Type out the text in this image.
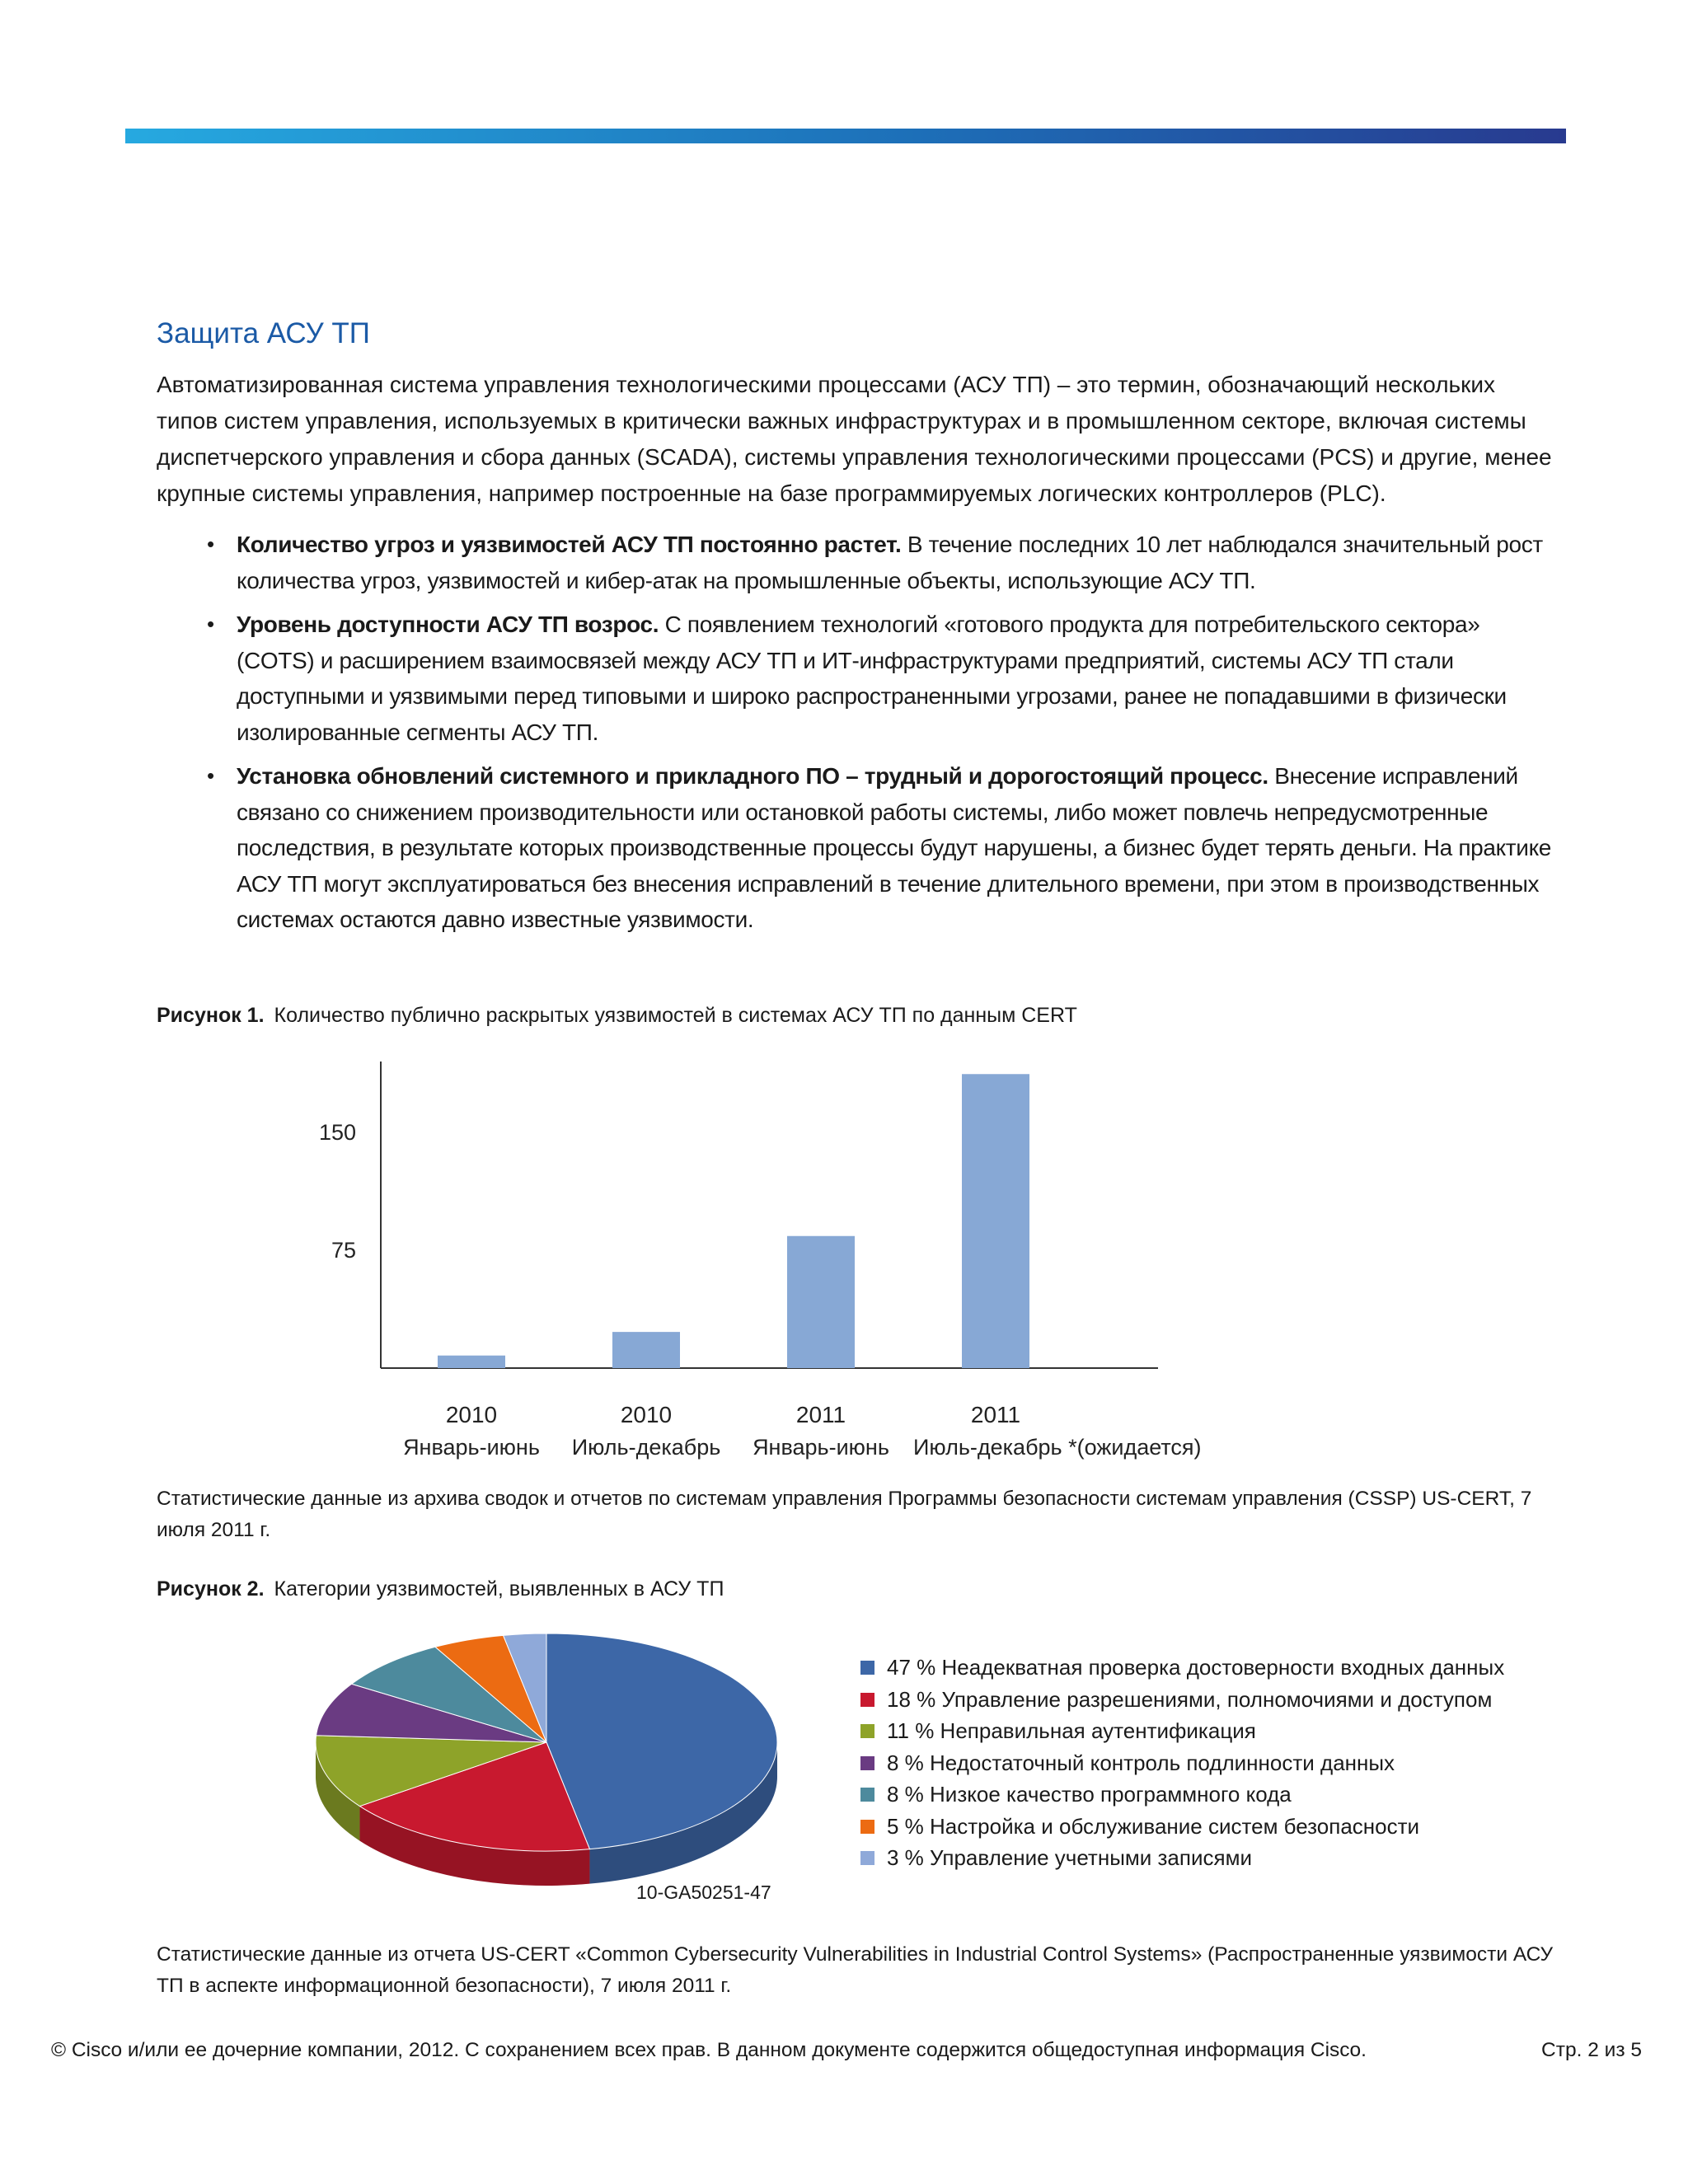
Защита АСУ ТП

Автоматизированная система управления технологическими процессами (АСУ ТП) – это термин, обозначающий нескольких типов систем управления, используемых в критически важных инфраструктурах и в промышленном секторе, включая системы диспетчерского управления и сбора данных (SCADA), системы управления технологическими процессами (PCS) и другие, менее крупные системы управления, например построенные на базе программируемых логических контроллеров (PLC).

• Количество угроз и уязвимостей АСУ ТП постоянно растет. В течение последних 10 лет наблюдался значительный рост количества угроз, уязвимостей и кибер-атак на промышленные объекты, использующие АСУ ТП.
• Уровень доступности АСУ ТП возрос. С появлением технологий «готового продукта для потребительского сектора» (COTS) и расширением взаимосвязей между АСУ ТП и ИТ-инфраструктурами предприятий, системы АСУ ТП стали доступными и уязвимыми перед типовыми и широко распространенными угрозами, ранее не попадавшими в физически изолированные сегменты АСУ ТП.
• Установка обновлений системного и прикладного ПО – трудный и дорогостоящий процесс. Внесение исправлений связано со снижением производительности или остановкой работы системы, либо может повлечь непредусмотренные последствия, в результате которых производственные процессы будут нарушены, а бизнес будет терять деньги. На практике АСУ ТП могут эксплуатироваться без внесения исправлений в течение длительного времени, при этом в производственных системах остаются давно известные уязвимости.

Рисунок 1. Количество публично раскрытых уязвимостей в системах АСУ ТП по данным CERT

75
150
2010
Январь-июнь
2010
Июль-декабрь
2011
Январь-июнь
2011
Июль-декабрь *(ожидается)

Статистические данные из архива сводок и отчетов по системам управления Программы безопасности системам управления (CSSP) US-CERT, 7 июля 2011 г.

Рисунок 2. Категории уязвимостей, выявленных в АСУ ТП

10-GA50251-47
47 % Неадекватная проверка достоверности входных данных
18 % Управление разрешениями, полномочиями и доступом
11 % Неправильная аутентификация
8 % Недостаточный контроль подлинности данных
8 % Низкое качество программного кода
5 % Настройка и обслуживание систем безопасности
3 % Управление учетными записями

Статистические данные из отчета US-CERT «Common Cybersecurity Vulnerabilities in Industrial Control Systems» (Распространенные уязвимости АСУ ТП в аспекте информационной безопасности), 7 июля 2011 г.

© Cisco и/или ее дочерние компании, 2012. С сохранением всех прав. В данном документе содержится общедоступная информация Cisco.	Стр. 2 из 5
